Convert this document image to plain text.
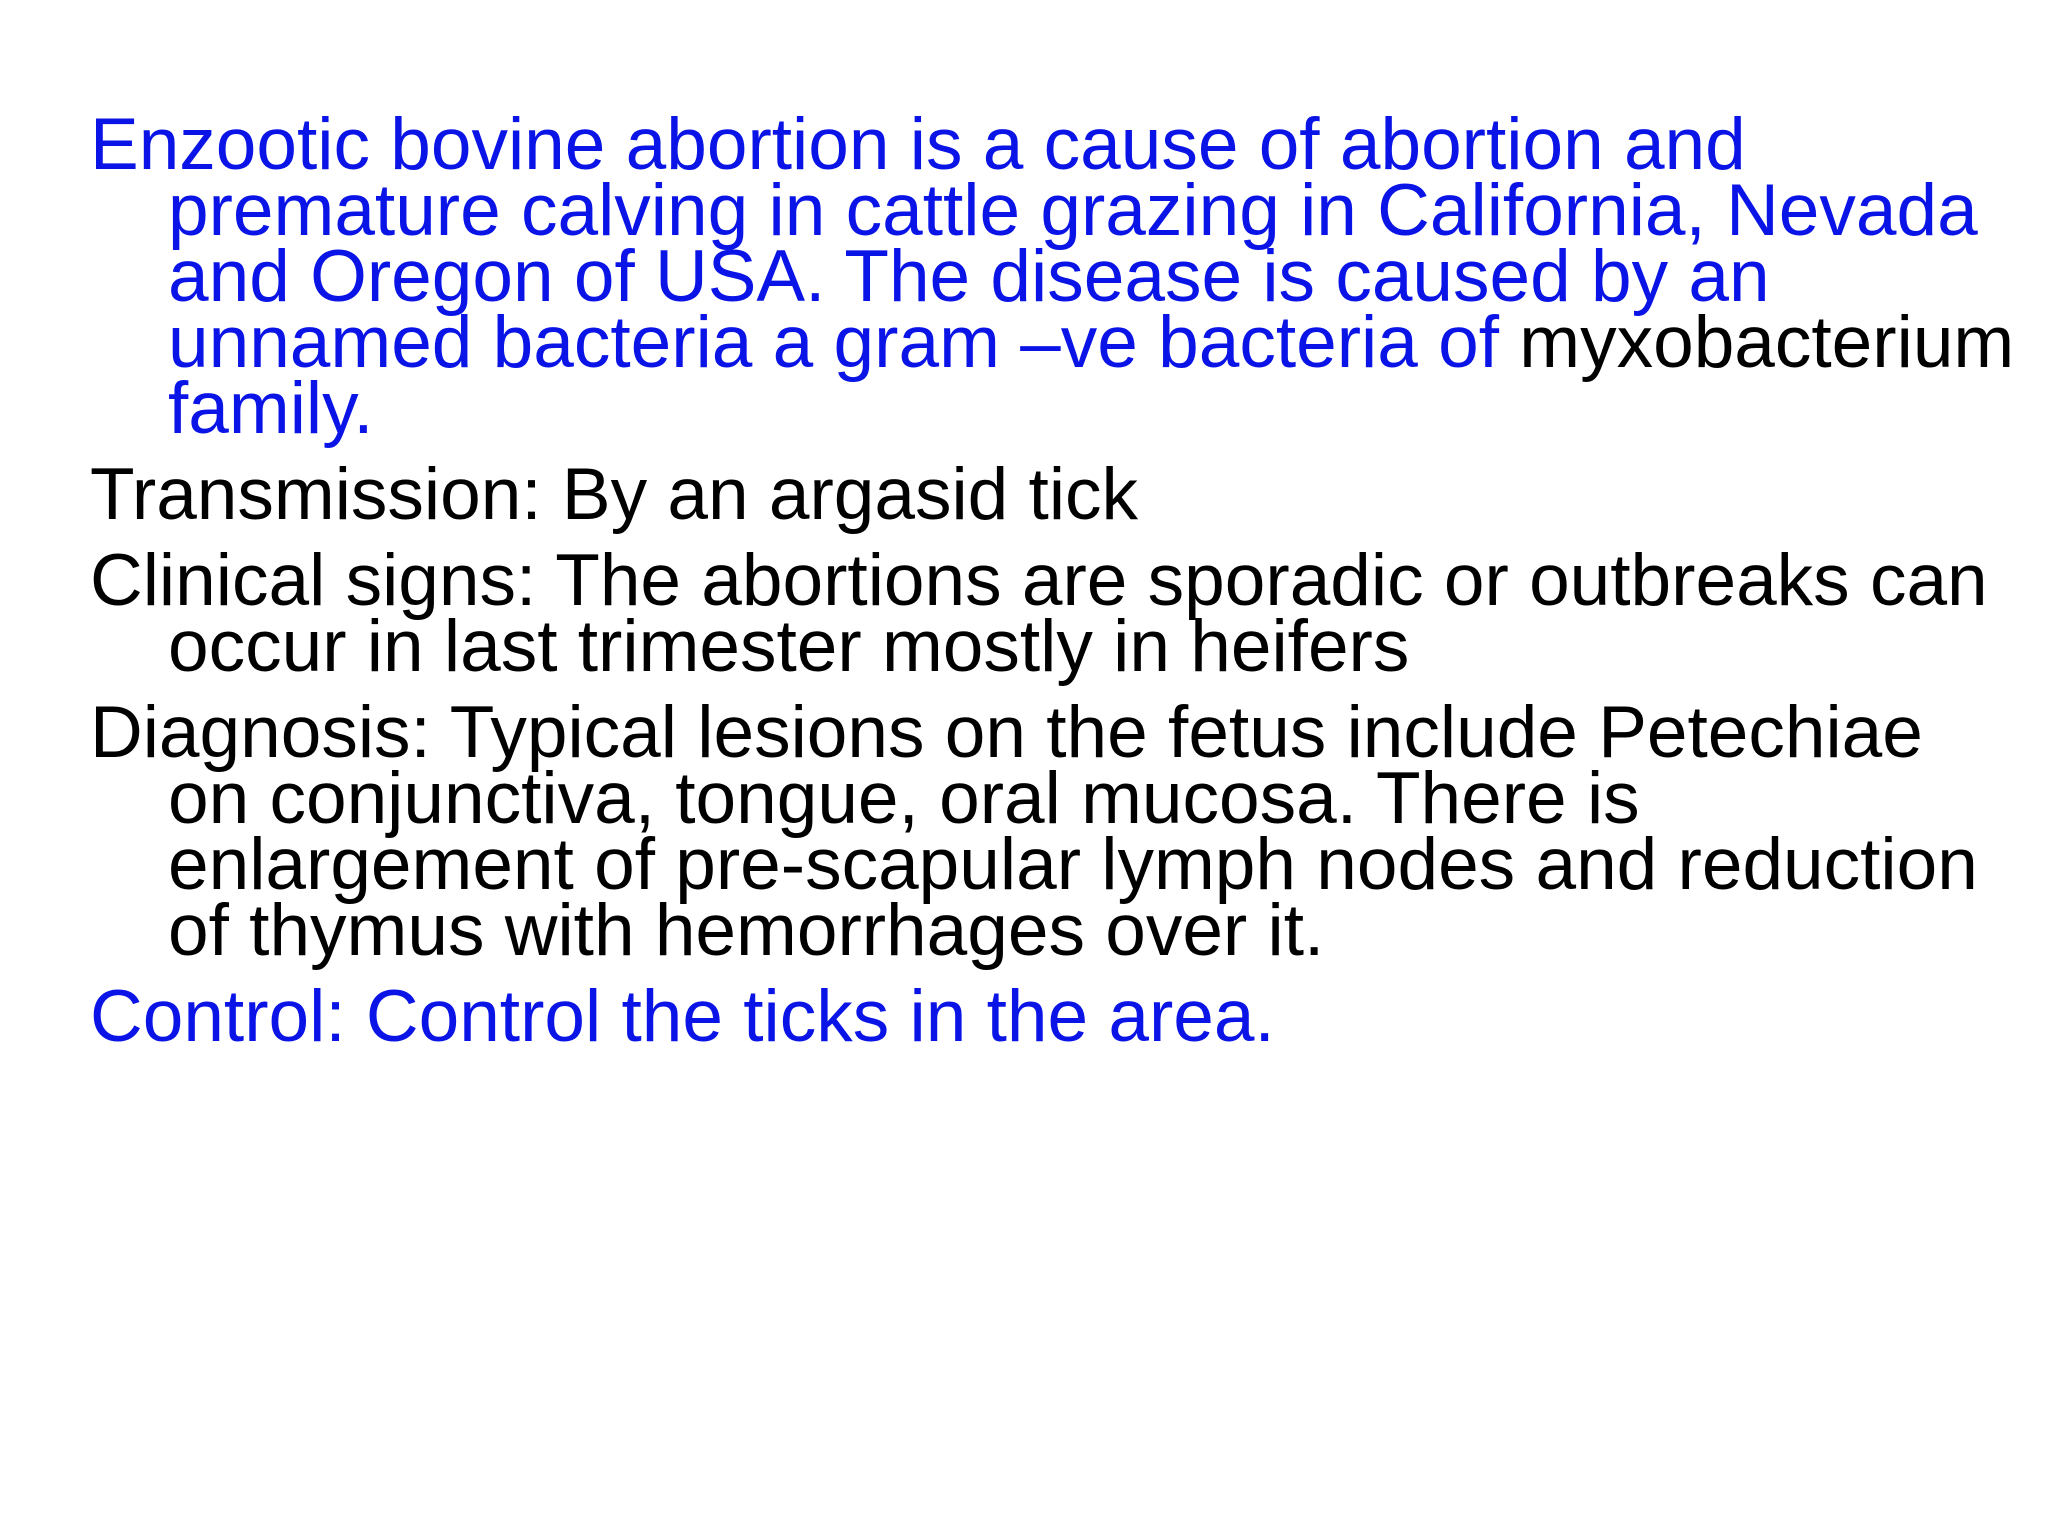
Enzootic bovine abortion is a cause of abortion and premature calving in cattle grazing in California, Nevada and Oregon of USA. The disease is caused by an unnamed bacteria a gram –ve bacteria of myxobacterium family.

Transmission: By an argasid tick

Clinical signs: The abortions are sporadic or outbreaks can occur in last trimester mostly in heifers

Diagnosis: Typical lesions on the fetus include Petechiae on conjunctiva, tongue, oral mucosa. There is enlargement of pre-scapular lymph nodes and reduction of thymus with hemorrhages over it.

Control: Control the ticks in the area.
